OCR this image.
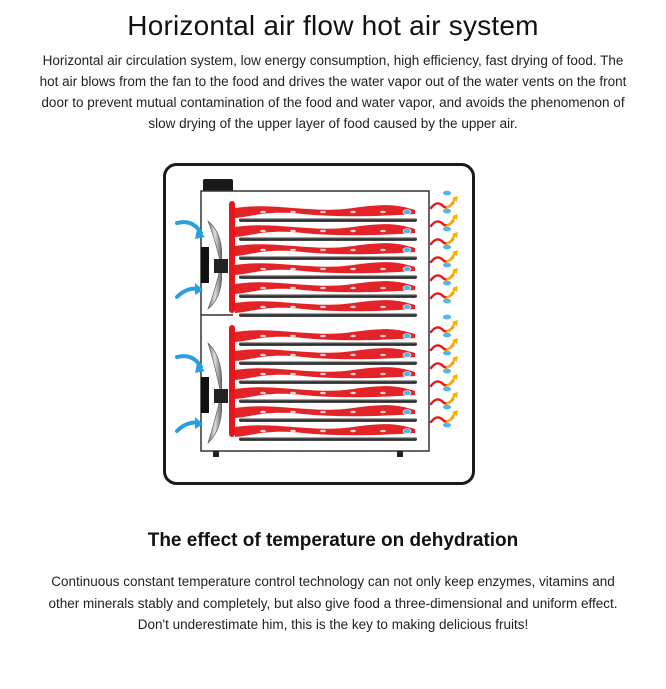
Horizontal air flow hot air system
Horizontal air circulation system, low energy consumption, high efficiency, fast drying of food. The hot air blows from the fan to the food and drives the water vapor out of the water vents on the front door to prevent mutual contamination of the food and water vapor, and avoids the phenomenon of slow drying of the upper layer of food caused by the upper air.
The effect of temperature on dehydration
Continuous constant temperature control technology can not only keep enzymes, vitamins and other minerals stably and completely, but also give food a three-dimensional and uniform effect. Don't underestimate him, this is the key to making delicious fruits!
